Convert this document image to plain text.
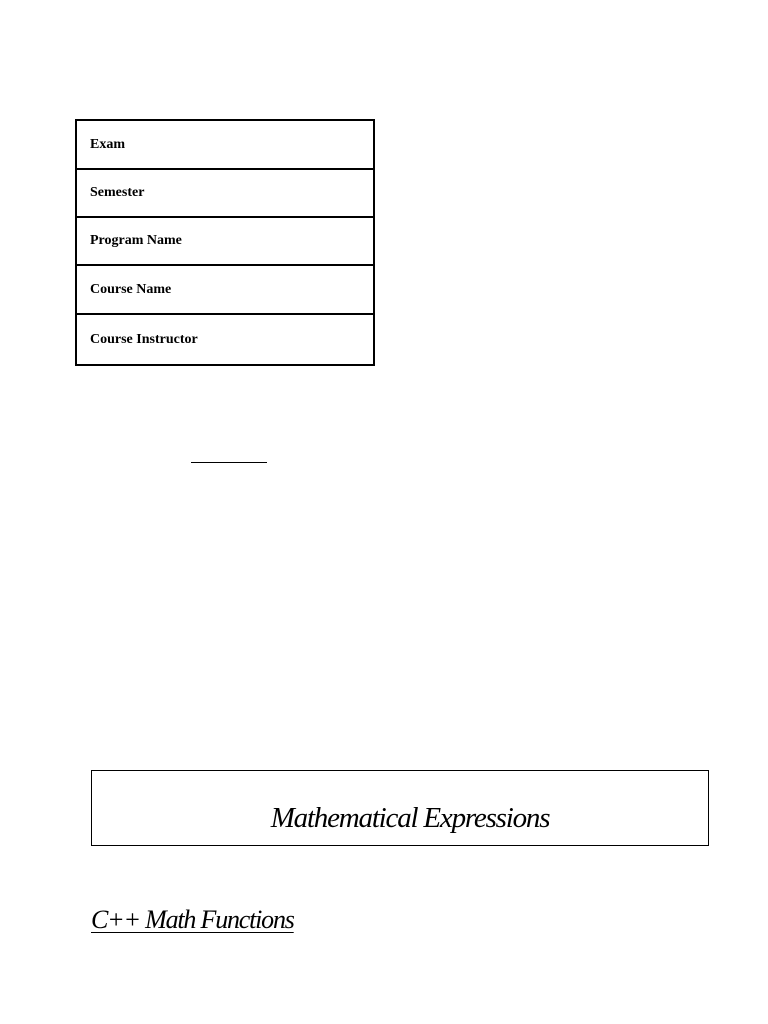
Exam
Semester
Program Name
Course Name
Course Instructor
Mathematical Expressions
C++ Math Functions
